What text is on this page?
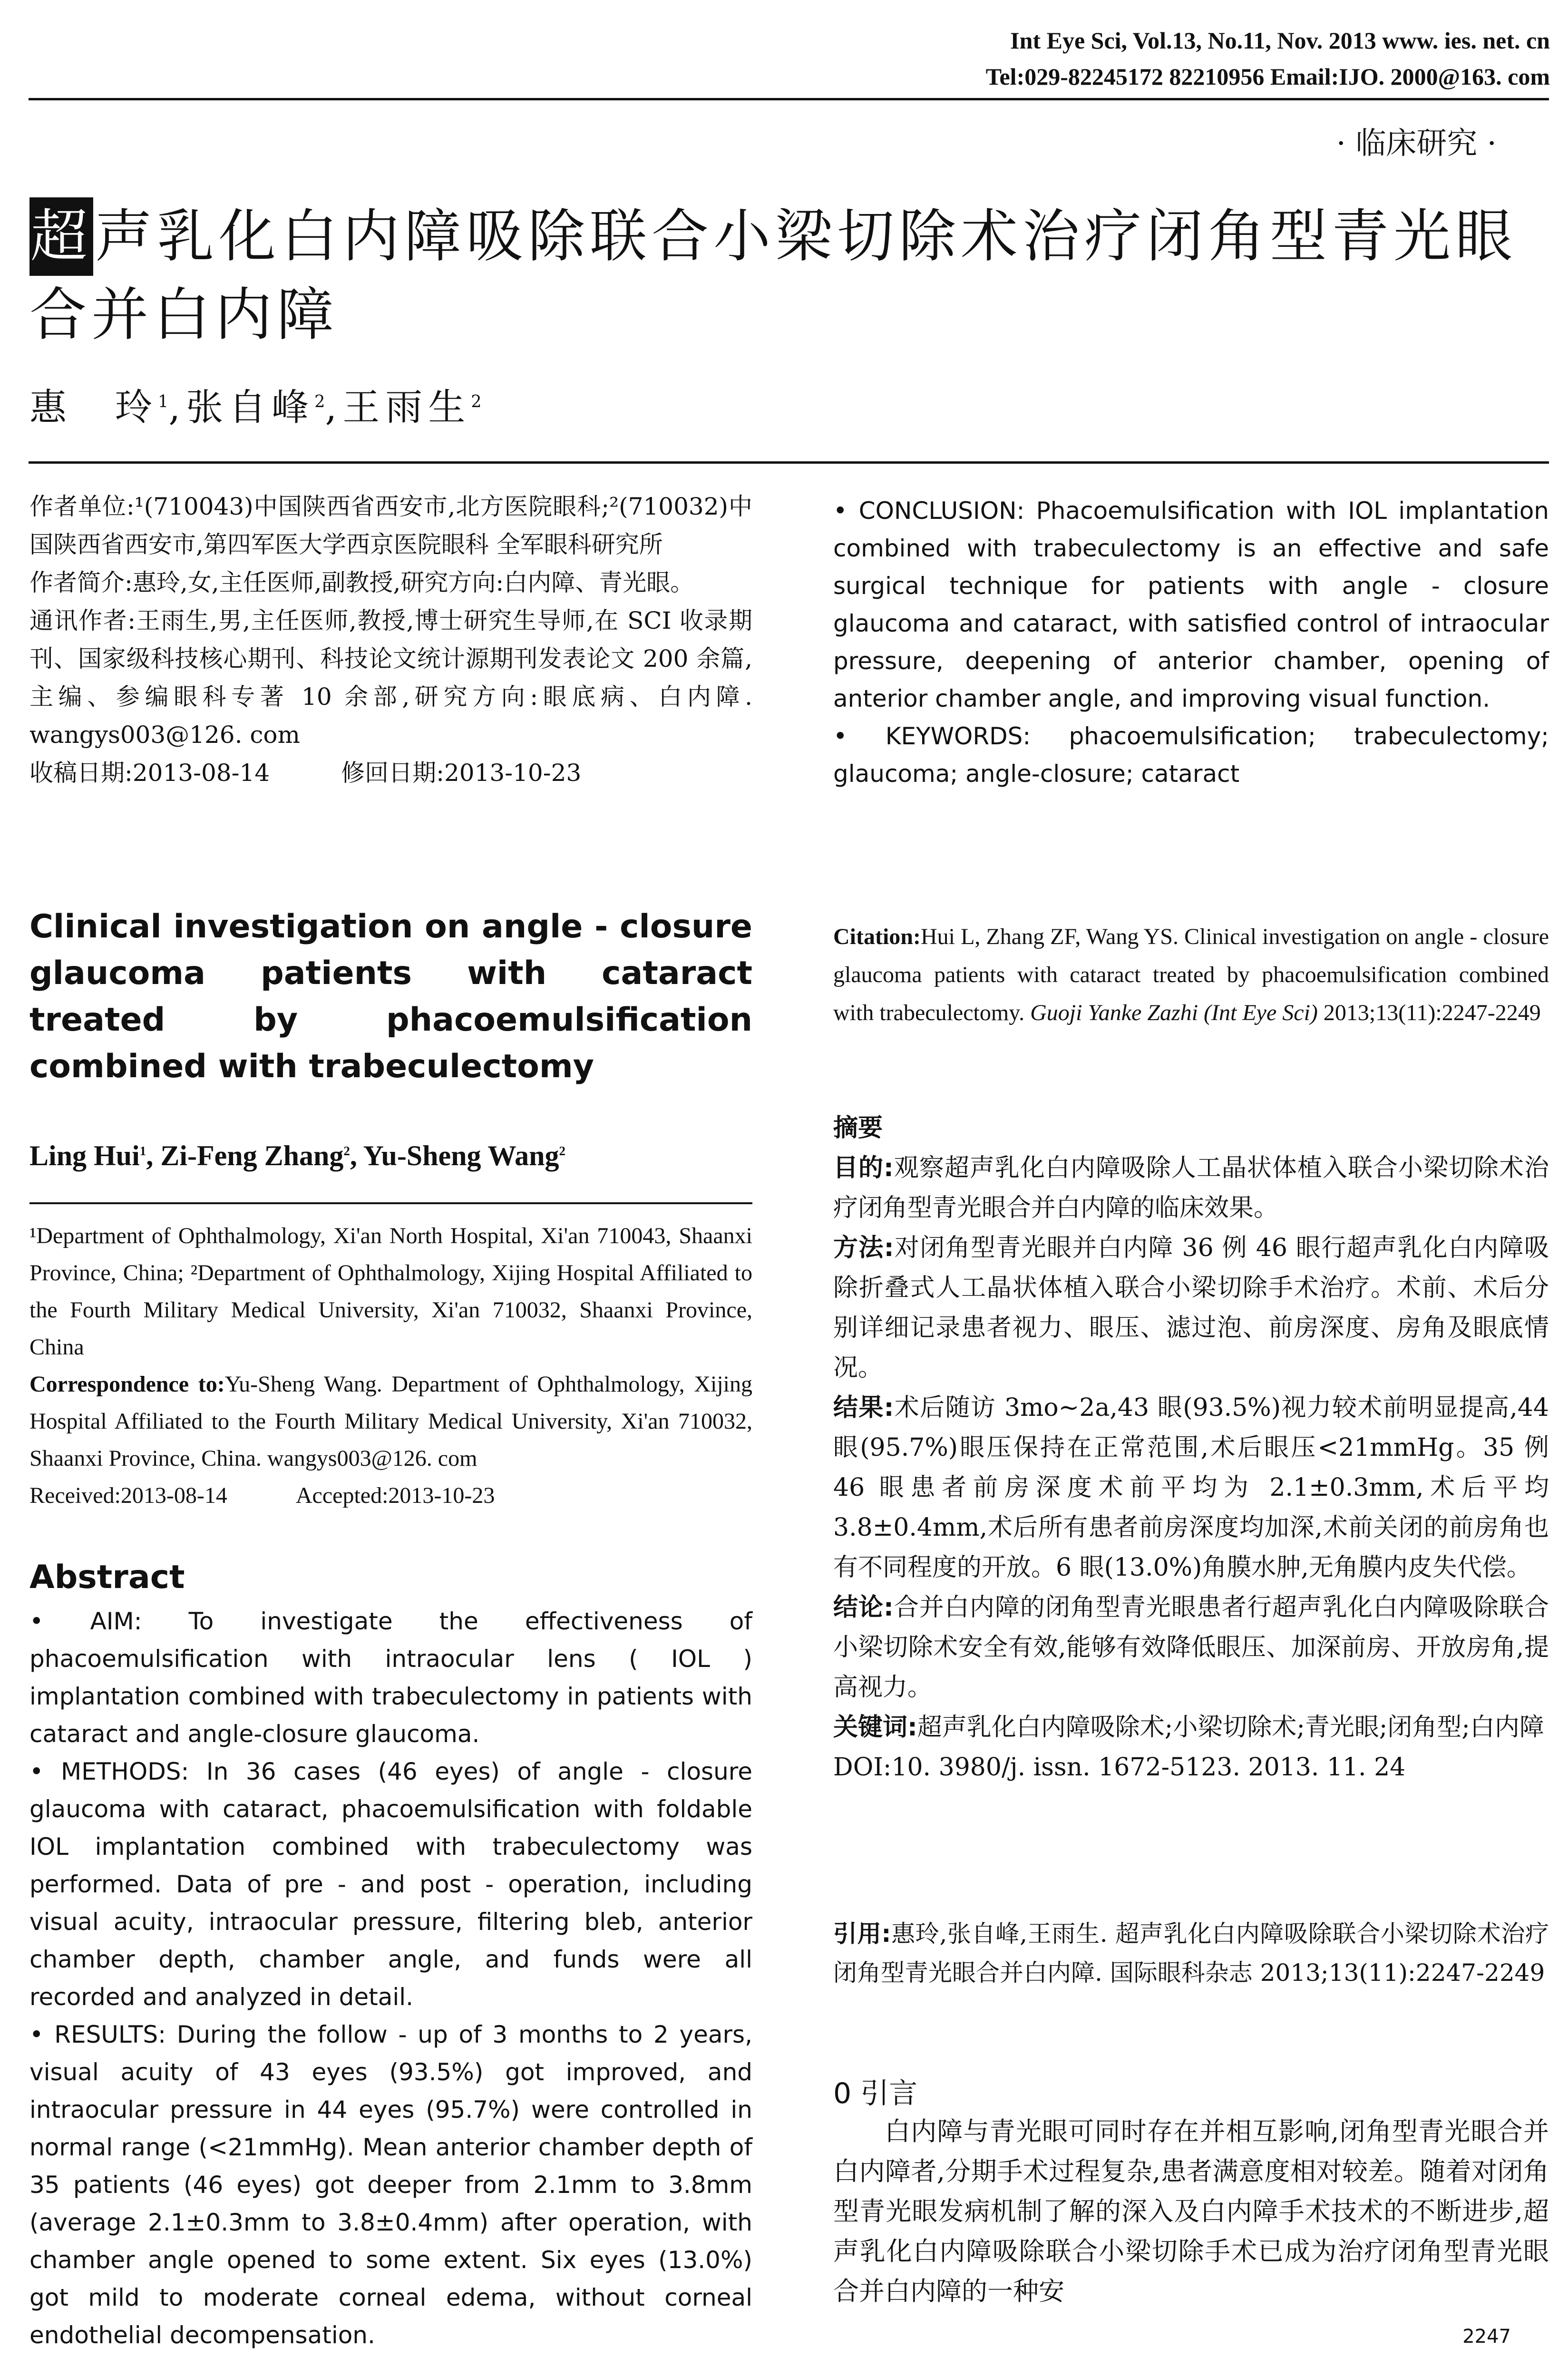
Int Eye Sci, Vol.13, No.11, Nov. 2013 www. ies. net. cn
Tel:029-82245172 82210956 Email:IJO. 2000@163. com
· 临床研究 ·
超声乳化白内障吸除联合小梁切除术治疗闭角型青光眼合并白内障
惠　玲$^1$,张自峰$^2$,王雨生$^2$

作者单位:¹(710043)中国陕西省西安市,北方医院眼科;²(710032)中国陕西省西安市,第四军医大学西京医院眼科 全军眼科研究所

作者简介:惠玲,女,主任医师,副教授,研究方向:白内障、青光眼。

通讯作者:王雨生,男,主任医师,教授,博士研究生导师,在 SCI 收录期刊、国家级科技核心期刊、科技论文统计源期刊发表论文 200 余篇,主编、参编眼科专著 10 余部,研究方向:眼底病、白内障. wangys003@126. com

收稿日期:2013-08-14　　　修回日期:2013-10-23

Clinical investigation on angle - closure glaucoma patients with cataract treated by phacoemulsification combined with trabeculectomy
Ling Hui$^1$, Zi-Feng Zhang$^2$, Yu-Sheng Wang$^2$

¹Department of Ophthalmology, Xi'an North Hospital, Xi'an 710043, Shaanxi Province, China; ²Department of Ophthalmology, Xijing Hospital Affiliated to the Fourth Military Medical University, Xi'an 710032, Shaanxi Province, China

Correspondence to:Yu-Sheng Wang. Department of Ophthalmology, Xijing Hospital Affiliated to the Fourth Military Medical University, Xi'an 710032, Shaanxi Province, China. wangys003@126. com

Received:2013-08-14　　　Accepted:2013-10-23

Abstract

• AIM: To investigate the effectiveness of phacoemulsification with intraocular lens ( IOL ) implantation combined with trabeculectomy in patients with cataract and angle-closure glaucoma.

• METHODS: In 36 cases (46 eyes) of angle - closure glaucoma with cataract, phacoemulsification with foldable IOL implantation combined with trabeculectomy was performed. Data of pre - and post - operation, including visual acuity, intraocular pressure, filtering bleb, anterior chamber depth, chamber angle, and funds were all recorded and analyzed in detail.

• RESULTS: During the follow - up of 3 months to 2 years, visual acuity of 43 eyes (93.5%) got improved, and intraocular pressure in 44 eyes (95.7%) were controlled in normal range (<21mmHg). Mean anterior chamber depth of 35 patients (46 eyes) got deeper from 2.1mm to 3.8mm (average 2.1±0.3mm to 3.8±0.4mm) after operation, with chamber angle opened to some extent. Six eyes (13.0%) got mild to moderate corneal edema, without corneal endothelial decompensation.

• CONCLUSION: Phacoemulsification with IOL implantation combined with trabeculectomy is an effective and safe surgical technique for patients with angle - closure glaucoma and cataract, with satisfied control of intraocular pressure, deepening of anterior chamber, opening of anterior chamber angle, and improving visual function.

• KEYWORDS: phacoemulsification; trabeculectomy; glaucoma; angle-closure; cataract

Citation:Hui L, Zhang ZF, Wang YS. Clinical investigation on angle - closure glaucoma patients with cataract treated by phacoemulsification combined with trabeculectomy. Guoji Yanke Zazhi (Int Eye Sci) 2013;13(11):2247-2249

摘要

目的:观察超声乳化白内障吸除人工晶状体植入联合小梁切除术治疗闭角型青光眼合并白内障的临床效果。

方法:对闭角型青光眼并白内障 36 例 46 眼行超声乳化白内障吸除折叠式人工晶状体植入联合小梁切除手术治疗。术前、术后分别详细记录患者视力、眼压、滤过泡、前房深度、房角及眼底情况。

结果:术后随访 3mo~2a,43 眼(93.5%)视力较术前明显提高,44 眼(95.7%)眼压保持在正常范围,术后眼压<21mmHg。35 例 46 眼患者前房深度术前平均为 2.1±0.3mm,术后平均 3.8±0.4mm,术后所有患者前房深度均加深,术前关闭的前房角也有不同程度的开放。6 眼(13.0%)角膜水肿,无角膜内皮失代偿。

结论:合并白内障的闭角型青光眼患者行超声乳化白内障吸除联合小梁切除术安全有效,能够有效降低眼压、加深前房、开放房角,提高视力。

关键词:超声乳化白内障吸除术;小梁切除术;青光眼;闭角型;白内障

DOI:10. 3980/j. issn. 1672-5123. 2013. 11. 24

引用:惠玲,张自峰,王雨生. 超声乳化白内障吸除联合小梁切除术治疗闭角型青光眼合并白内障. 国际眼科杂志 2013;13(11):2247-2249
0 引言
白内障与青光眼可同时存在并相互影响,闭角型青光眼合并白内障者,分期手术过程复杂,患者满意度相对较差。随着对闭角型青光眼发病机制了解的深入及白内障手术技术的不断进步,超声乳化白内障吸除联合小梁切除手术已成为治疗闭角型青光眼合并白内障的一种安
2247
